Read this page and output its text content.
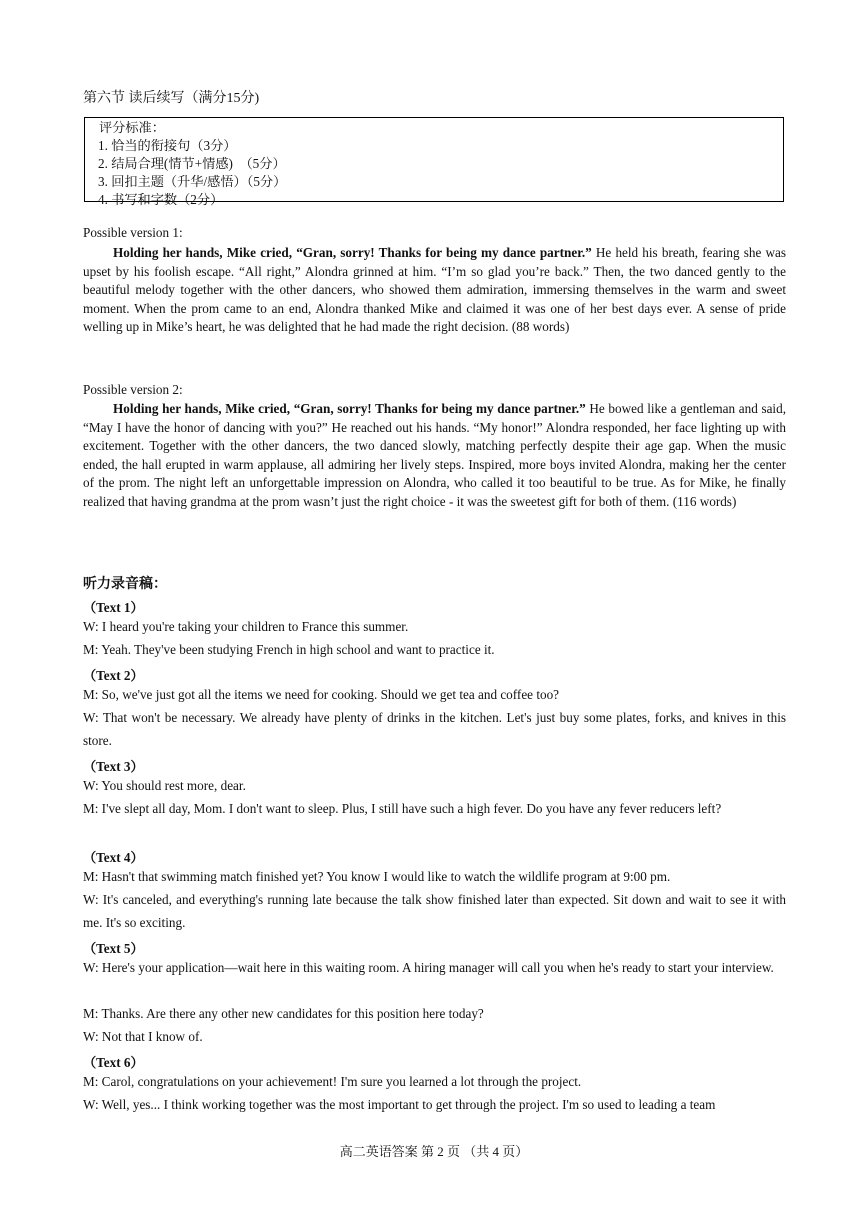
第六节 读后续写（满分15分)
评分标准：
1. 恰当的衔接句（3分）
2. 结局合理(情节+情感)　（5分）
3. 回扣主题（升华/感悟）（5分）
4. 书写和字数（2分）
Possible version 1:
Holding her hands, Mike cried, “Gran, sorry! Thanks for being my dance partner.” He held his breath, fearing she was upset by his foolish escape. “All right,” Alondra grinned at him. “I’m so glad you’re back.” Then, the two danced gently to the beautiful melody together with the other dancers, who showed them admiration, immersing themselves in the warm and sweet moment. When the prom came to an end, Alondra thanked Mike and claimed it was one of her best days ever. A sense of pride welling up in Mike’s heart, he was delighted that he had made the right decision. (88 words)
Possible version 2:
Holding her hands, Mike cried, “Gran, sorry! Thanks for being my dance partner.” He bowed like a gentleman and said, “May I have the honor of dancing with you?” He reached out his hands. “My honor!” Alondra responded, her face lighting up with excitement. Together with the other dancers, the two danced slowly, matching perfectly despite their age gap. When the music ended, the hall erupted in warm applause, all admiring her lively steps. Inspired, more boys invited Alondra, making her the center of the prom. The night left an unforgettable impression on Alondra, who called it too beautiful to be true. As for Mike, he finally realized that having grandma at the prom wasn’t just the right choice - it was the sweetest gift for both of them. (116 words)
听力录音稿：
（Text 1）
W: I heard you're taking your children to France this summer.
M: Yeah. They've been studying French in high school and want to practice it.
（Text 2）
M: So, we've just got all the items we need for cooking. Should we get tea and coffee too?
W: That won't be necessary. We already have plenty of drinks in the kitchen. Let's just buy some plates, forks, and knives in this store.
（Text 3）
W: You should rest more, dear.
M: I've slept all day, Mom. I don't want to sleep. Plus, I still have such a high fever. Do you have any fever reducers left?
（Text 4）
M: Hasn't that swimming match finished yet? You know I would like to watch the wildlife program at 9:00 pm.
W: It's canceled, and everything's running late because the talk show finished later than expected. Sit down and wait to see it with me. It's so exciting.
（Text 5）
W: Here's your application—wait here in this waiting room. A hiring manager will call you when he's ready to start your interview.
M: Thanks. Are there any other new candidates for this position here today?
W: Not that I know of.
（Text 6）
M: Carol, congratulations on your achievement! I'm sure you learned a lot through the project.
W: Well, yes... I think working together was the most important to get through the project. I'm so used to leading a team
高二英语答案 第 2 页 （共 4 页）
